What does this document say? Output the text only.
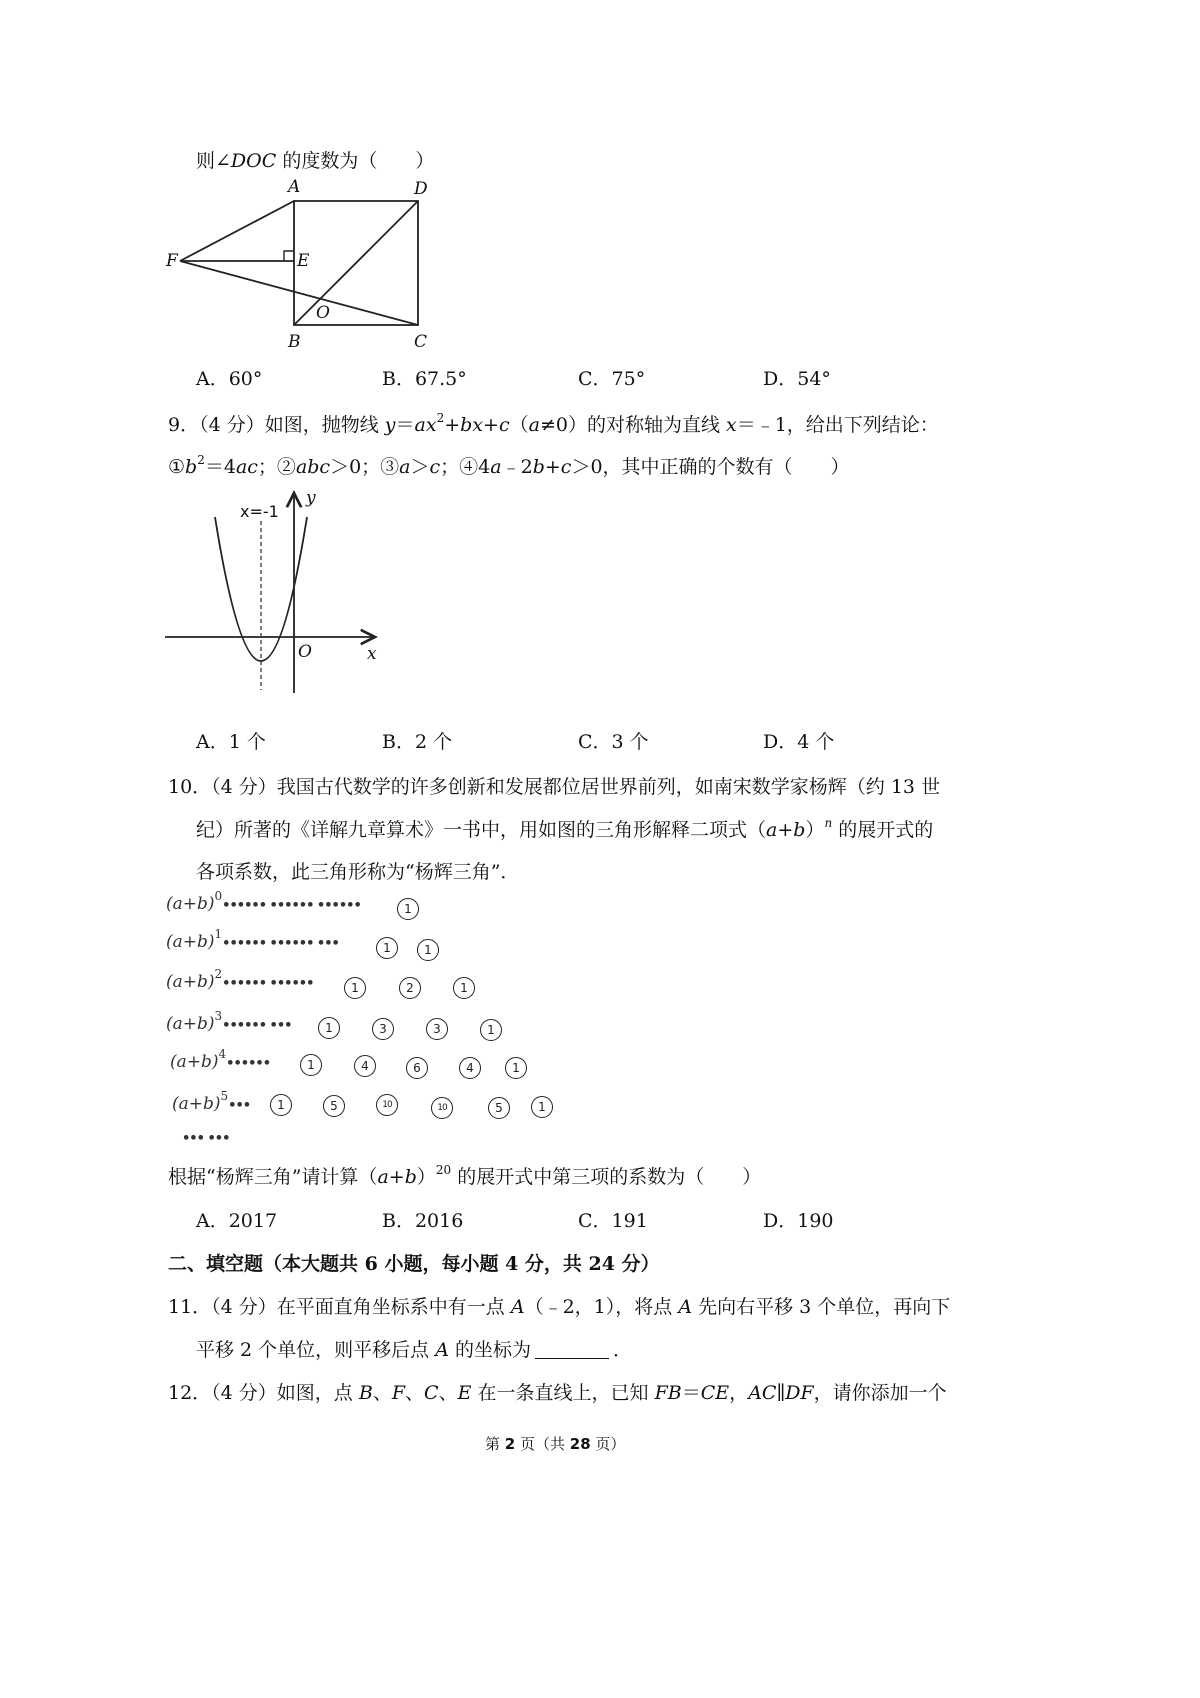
则∠DOC 的度数为（　　）
A	D
F	E
O
B	C
A．60°	B．67.5°	C．75°	D．54°
9．（4 分）如图，抛物线 $y=ax^2+bx+c(a\ne 0)$的对称轴为直线 x＝﹣1，给出下列结论：
$①b^2=4ac$；②abc＞0；③a＞c；④4a﹣2b+c＞0，其中正确的个数有（　　）
x=-1
y
O	x
A．1 个	B．2 个	C．3 个	D．4 个
10．（4 分）我国古代数学的许多创新和发展都位居世界前列，如南宋数学家杨辉（约 13 世
纪）所著的《详解九章算术》一书中，用如图的三角形解释二项式$(a+b)^n$ 的展开式的
各项系数，此三角形称为“杨辉三角”．
$(a+b)^0••••••$ •••••• ••••••
$(a+b)^1••••••$ •••••• •••
$(a+b)^2••••••$ ••••••
$(a+b)^3••••••$ •••
$(a+b)^4••••••$
$(a+b)^5•••$
1
1	1
1	2	1
1	3	3	1
1	4	6	4	1
1	5	10	10	5	1
••• •••
根据“杨辉三角”请计算$(a+b)^{20}$ 的展开式中第三项的系数为（　　）
A．2017	B．2016	C．191	D．190
二、填空题（本大题共 6 小题，每小题 4 分，共 24 分）
11．（4 分）在平面直角坐标系中有一点 A（﹣2，1），将点 A 先向右平移 3 个单位，再向下
平移 2 个单位，则平移后点 A 的坐标为	．
12．（4 分）如图，点 B、F、C、E 在一条直线上，已知 FB＝CE，AC∥DF，请你添加一个
第 2 页（共 28 页）
